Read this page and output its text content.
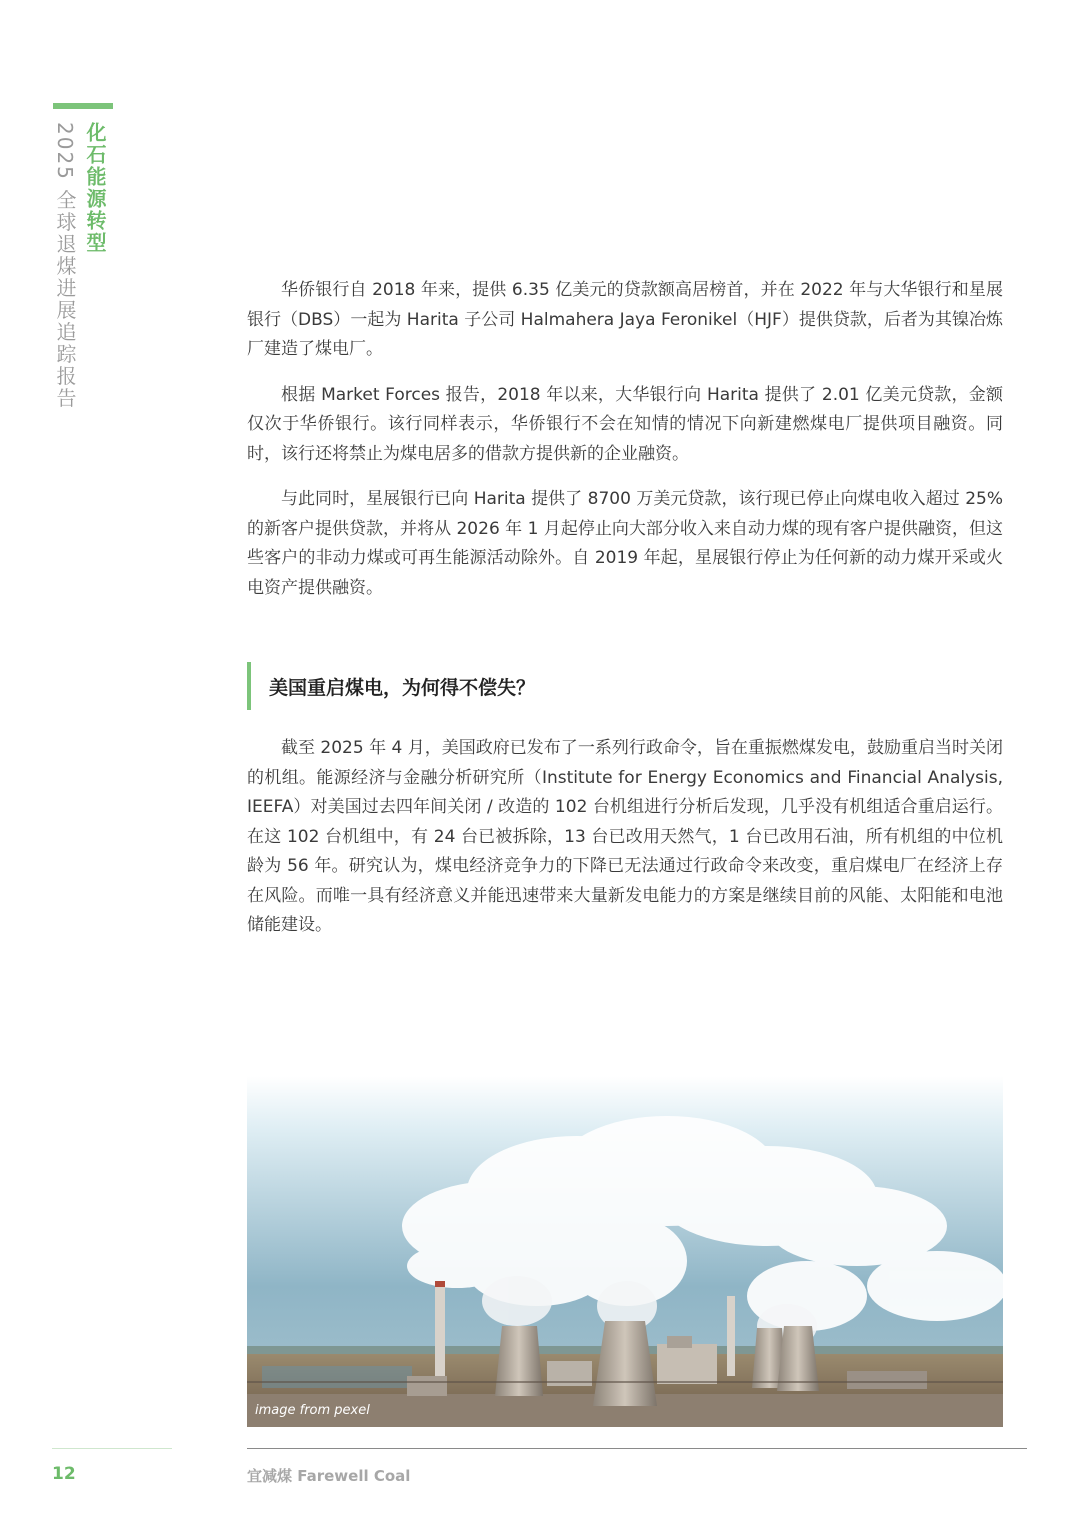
化石能源转型
2025 全球退煤进展追踪报告	华侨银行自 2018 年来，提供 6.35 亿美元的贷款额高居榜首，并在 2022 年与大华银行和星展银行（DBS）一起为 Harita 子公司 Halmahera Jaya Feronikel（HJF）提供贷款，后者为其镍冶炼厂建造了煤电厂。

根据 Market Forces 报告，2018 年以来，大华银行向 Harita 提供了 2.01 亿美元贷款，金额仅次于华侨银行。该行同样表示，华侨银行不会在知情的情况下向新建燃煤电厂提供项目融资。同时，该行还将禁止为煤电居多的借款方提供新的企业融资。

与此同时，星展银行已向 Harita 提供了 8700 万美元贷款，该行现已停止向煤电收入超过 25% 的新客户提供贷款，并将从 2026 年 1 月起停止向大部分收入来自动力煤的现有客户提供融资，但这些客户的非动力煤或可再生能源活动除外。自 2019 年起，星展银行停止为任何新的动力煤开采或火电资产提供融资。

美国重启煤电，为何得不偿失？

截至 2025 年 4 月，美国政府已发布了一系列行政命令，旨在重振燃煤发电，鼓励重启当时关闭的机组。能源经济与金融分析研究所（Institute for Energy Economics and Financial Analysis, IEEFA）对美国过去四年间关闭 / 改造的 102 台机组进行分析后发现，几乎没有机组适合重启运行。在这 102 台机组中，有 24 台已被拆除，13 台已改用天然气，1 台已改用石油，所有机组的中位机龄为 56 年。研究认为，煤电经济竞争力的下降已无法通过行政命令来改变，重启煤电厂在经济上存在风险。而唯一具有经济意义并能迅速带来大量新发电能力的方案是继续目前的风能、太阳能和电池储能建设。

image from pexel
12	宜减煤 Farewell Coal
